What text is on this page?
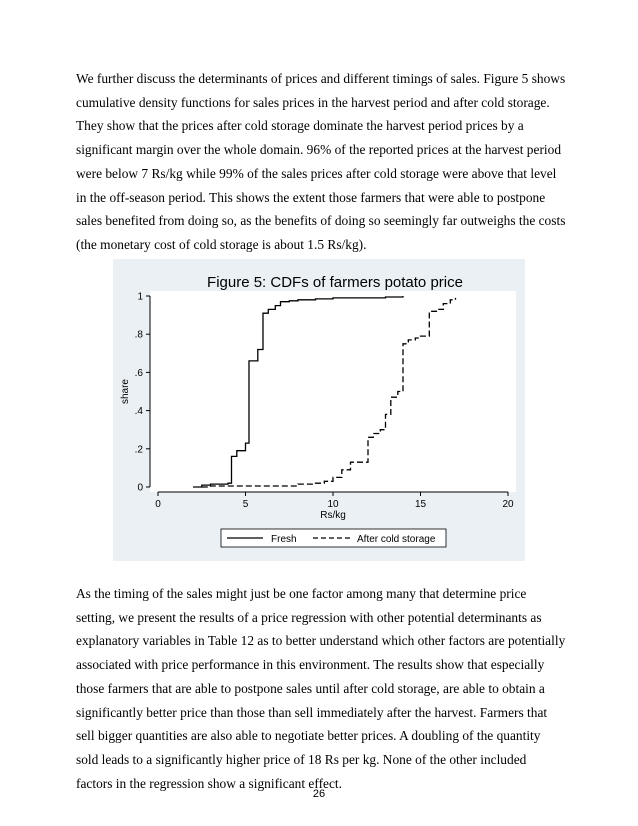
We further discuss the determinants of prices and different timings of sales. Figure 5 shows cumulative density functions for sales prices in the harvest period and after cold storage. They show that the prices after cold storage dominate the harvest period prices by a significant margin over the whole domain. 96% of the reported prices at the harvest period were below 7 Rs/kg while 99% of the sales prices after cold storage were above that level in the off-season period. This shows the extent those farmers that were able to postpone sales benefited from doing so, as the benefits of doing so seemingly far outweighs the costs (the monetary cost of cold storage is about 1.5 Rs/kg).

Figure 5: CDFs of farmers potato price
0
.2
.4
.6
.8
1
0	5	10	15	20
share
Rs/kg
Fresh	After cold storage

As the timing of the sales might just be one factor among many that determine price setting, we present the results of a price regression with other potential determinants as explanatory variables in Table 12 as to better understand which other factors are potentially associated with price performance in this environment. The results show that especially those farmers that are able to postpone sales until after cold storage, are able to obtain a significantly better price than those than sell immediately after the harvest. Farmers that sell bigger quantities are also able to negotiate better prices. A doubling of the quantity sold leads to a significantly higher price of 18 Rs per kg. None of the other included factors in the regression show a significant effect.

26
